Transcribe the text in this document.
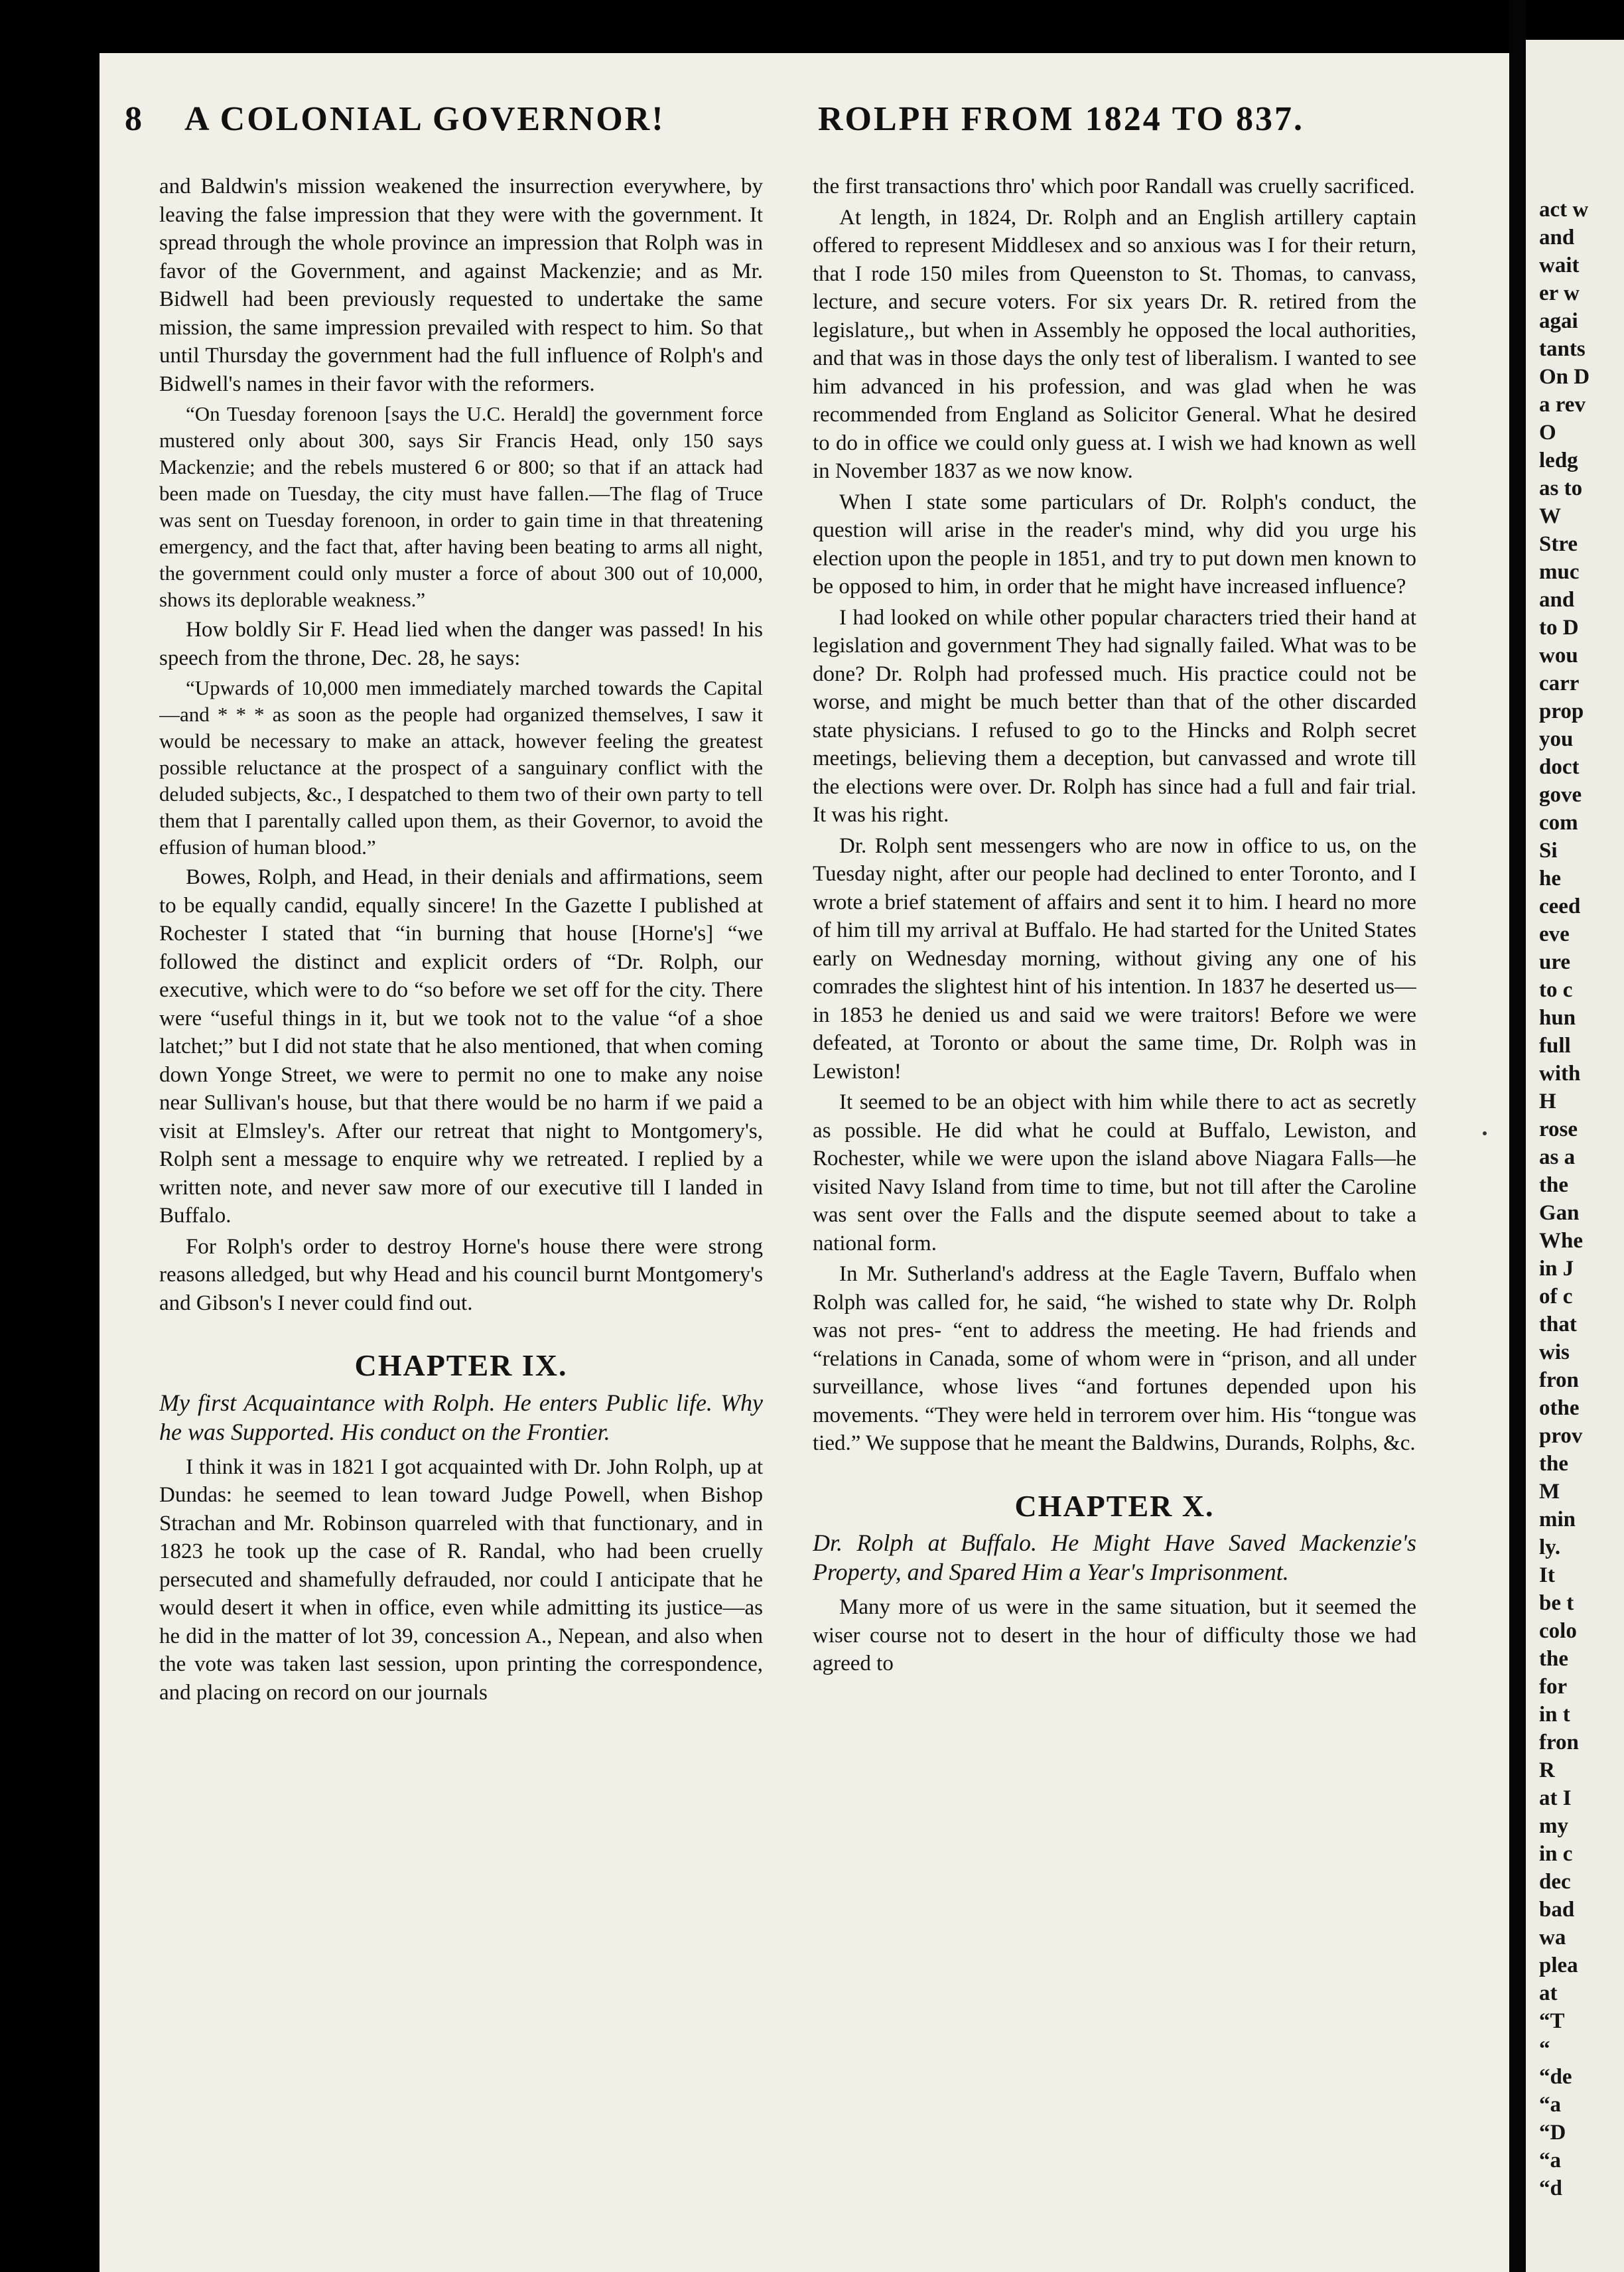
8 A COLONIAL GOVERNOR!	ROLPH FROM 1824 TO 837.

and Baldwin's mission weakened the insurrection everywhere, by leaving the false impression that they were with the government. It spread through the whole province an impression that Rolph was in favor of the Government, and against Mackenzie; and as Mr. Bidwell had been previously requested to undertake the same mission, the same impression prevailed with respect to him. So that until Thursday the government had the full influence of Rolph's and Bidwell's names in their favor with the reformers.

“On Tuesday forenoon [says the U.C. Herald] the government force mustered only about 300, says Sir Francis Head, only 150 says Mackenzie; and the rebels mustered 6 or 800; so that if an attack had been made on Tuesday, the city must have fallen.—The flag of Truce was sent on Tuesday forenoon, in order to gain time in that threatening emergency, and the fact that, after having been beating to arms all night, the government could only muster a force of about 300 out of 10,000, shows its deplorable weakness.”

How boldly Sir F. Head lied when the danger was passed! In his speech from the throne, Dec. 28, he says:

“Upwards of 10,000 men immediately marched towards the Capital—and * * * as soon as the people had organized themselves, I saw it would be necessary to make an attack, however feeling the greatest possible reluctance at the prospect of a sanguinary conflict with the deluded subjects, &c., I despatched to them two of their own party to tell them that I parentally called upon them, as their Governor, to avoid the effusion of human blood.”

Bowes, Rolph, and Head, in their denials and affirmations, seem to be equally candid, equally sincere! In the Gazette I published at Rochester I stated that “in burning that house [Horne's] “we followed the distinct and explicit orders of “Dr. Rolph, our executive, which were to do “so before we set off for the city. There were “useful things in it, but we took not to the value “of a shoe latchet;” but I did not state that he also mentioned, that when coming down Yonge Street, we were to permit no one to make any noise near Sullivan's house, but that there would be no harm if we paid a visit at Elmsley's. After our retreat that night to Montgomery's, Rolph sent a message to enquire why we retreated. I replied by a written note, and never saw more of our executive till I landed in Buffalo.

For Rolph's order to destroy Horne's house there were strong reasons alledged, but why Head and his council burnt Montgomery's and Gibson's I never could find out.

CHAPTER IX.
My first Acquaintance with Rolph. He enters Public life. Why he was Supported. His conduct on the Frontier.

I think it was in 1821 I got acquainted with Dr. John Rolph, up at Dundas: he seemed to lean toward Judge Powell, when Bishop Strachan and Mr. Robinson quarreled with that functionary, and in 1823 he took up the case of R. Randal, who had been cruelly persecuted and shamefully defrauded, nor could I anticipate that he would desert it when in office, even while admitting its justice—as he did in the matter of lot 39, concession A., Nepean, and also when the vote was taken last session, upon printing the correspondence, and placing on record on our journals

the first transactions thro' which poor Randall was cruelly sacrificed.

At length, in 1824, Dr. Rolph and an English artillery captain offered to represent Middlesex and so anxious was I for their return, that I rode 150 miles from Queenston to St. Thomas, to canvass, lecture, and secure voters. For six years Dr. R. retired from the legislature,, but when in Assembly he opposed the local authorities, and that was in those days the only test of liberalism. I wanted to see him advanced in his profession, and was glad when he was recommended from England as Solicitor General. What he desired to do in office we could only guess at. I wish we had known as well in November 1837 as we now know.

When I state some particulars of Dr. Rolph's conduct, the question will arise in the reader's mind, why did you urge his election upon the people in 1851, and try to put down men known to be opposed to him, in order that he might have increased influence?

I had looked on while other popular characters tried their hand at legislation and government They had signally failed. What was to be done? Dr. Rolph had professed much. His practice could not be worse, and might be much better than that of the other discarded state physicians. I refused to go to the Hincks and Rolph secret meetings, believing them a deception, but canvassed and wrote till the elections were over. Dr. Rolph has since had a full and fair trial. It was his right.

Dr. Rolph sent messengers who are now in office to us, on the Tuesday night, after our people had declined to enter Toronto, and I wrote a brief statement of affairs and sent it to him. I heard no more of him till my arrival at Buffalo. He had started for the United States early on Wednesday morning, without giving any one of his comrades the slightest hint of his intention. In 1837 he deserted us—in 1853 he denied us and said we were traitors! Before we were defeated, at Toronto or about the same time, Dr. Rolph was in Lewiston!

It seemed to be an object with him while there to act as secretly as possible. He did what he could at Buffalo, Lewiston, and Rochester, while we were upon the island above Niagara Falls—he visited Navy Island from time to time, but not till after the Caroline was sent over the Falls and the dispute seemed about to take a national form.

In Mr. Sutherland's address at the Eagle Tavern, Buffalo when Rolph was called for, he said, “he wished to state why Dr. Rolph was not pres- “ent to address the meeting. He had friends and “relations in Canada, some of whom were in “prison, and all under surveillance, whose lives “and fortunes depended upon his movements. “They were held in terrorem over him. His “tongue was tied.” We suppose that he meant the Baldwins, Durands, Rolphs, &c.

CHAPTER X.
Dr. Rolph at Buffalo. He Might Have Saved Mackenzie's Property, and Spared Him a Year's Imprisonment.

Many more of us were in the same situation, but it seemed the wiser course not to desert in the hour of difficulty those we had agreed to

act w
and
wait
er w
agai
tants
On D
a rev
O
ledg
as to
W
Stre
muc
and
to D
wou
carr
prop
you
doct
gove
com
Si
he
ceed
eve
ure
to c
hun
full
with
H
rose
as a
the
Gan
Whe
in J
of c
that
wis
fron
othe
prov
the
M
min
ly.
It
be t
colo
the
for
in t
fron
R
at I
my
in c
dec
bad
wa
plea
at
“T
“
“de
“a
“D
“a
“d
